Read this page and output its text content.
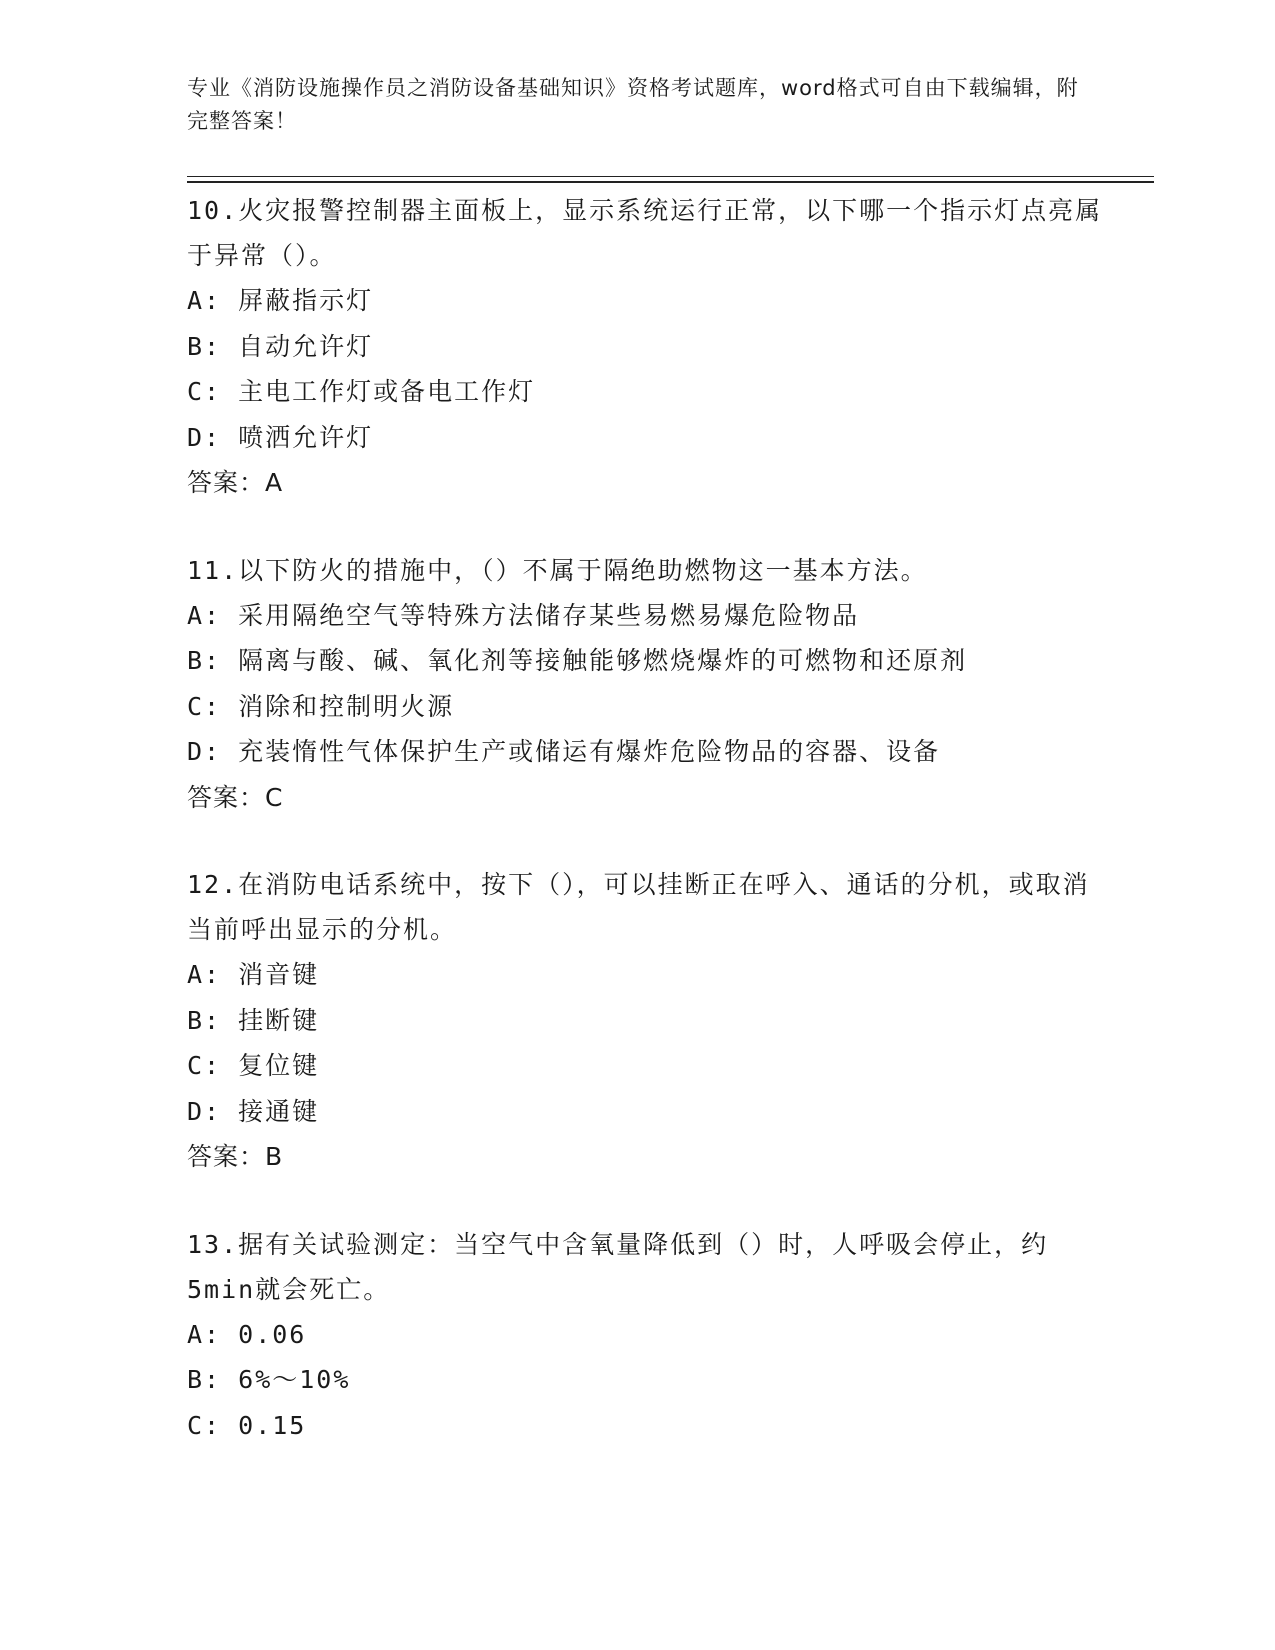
专业《消防设施操作员之消防设备基础知识》资格考试题库，word格式可自由下载编辑，附完整答案！

10.火灾报警控制器主面板上，显示系统运行正常，以下哪一个指示灯点亮属于异常（）。

A: 屏蔽指示灯

B: 自动允许灯

C: 主电工作灯或备电工作灯

D: 喷洒允许灯

答案：A

11.以下防火的措施中，（）不属于隔绝助燃物这一基本方法。

A: 采用隔绝空气等特殊方法储存某些易燃易爆危险物品

B: 隔离与酸、碱、氧化剂等接触能够燃烧爆炸的可燃物和还原剂

C: 消除和控制明火源

D: 充装惰性气体保护生产或储运有爆炸危险物品的容器、设备

答案：C

12.在消防电话系统中，按下（），可以挂断正在呼入、通话的分机，或取消当前呼出显示的分机。

A: 消音键

B: 挂断键

C: 复位键

D: 接通键

答案：B

13.据有关试验测定：当空气中含氧量降低到（）时，人呼吸会停止，约5min就会死亡。

A: 0.06

B: 6%～10%

C: 0.15
